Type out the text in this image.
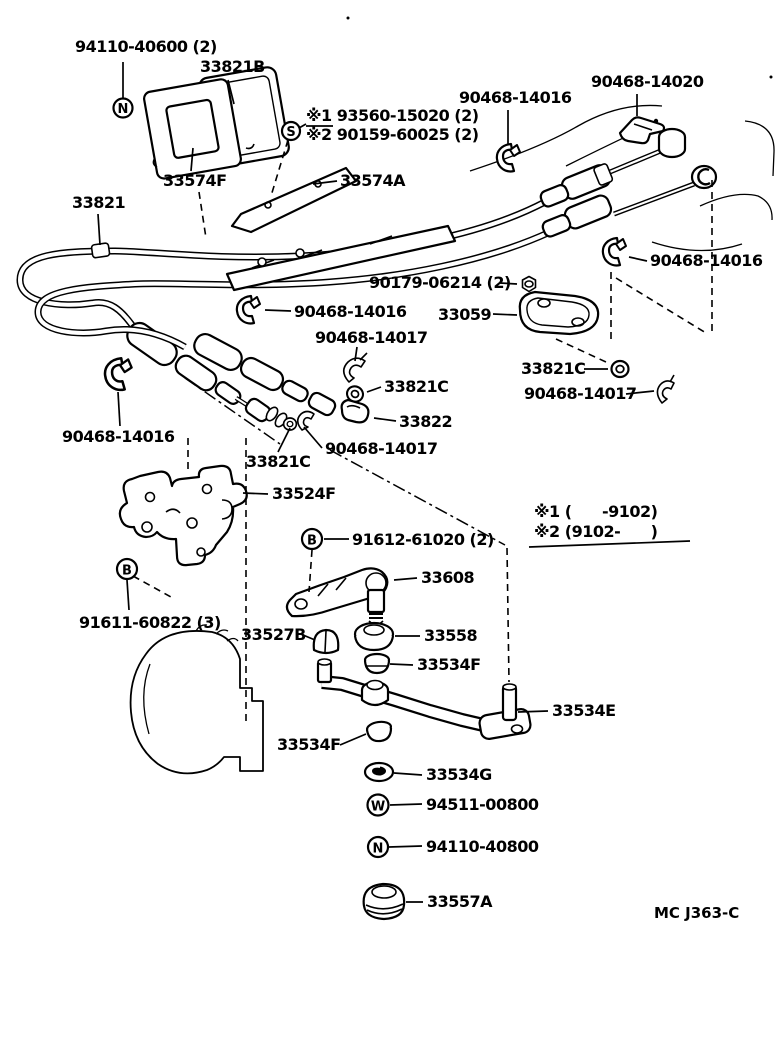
N
S
B
B
W
N
94110-40600 (2)
33821B
※1 93560-15020 (2)
※2 90159-60025 (2)
90468-14016
90468-14020
33574F	33574A
33821
90468-14016
90179-06214 (2)
90468-14016 33059
90468-14017
33821C
33821C	90468-14017
33822
90468-14016
90468-14017
33821C
33524F
※1 (      -9102)
※2 (9102-      )
91612-61020 (2)
33608
91611-60822 (3)
33527B	33558
33534F
33534E
33534F
33534G
94511-00800
94110-40800
33557A
MC J363-C
